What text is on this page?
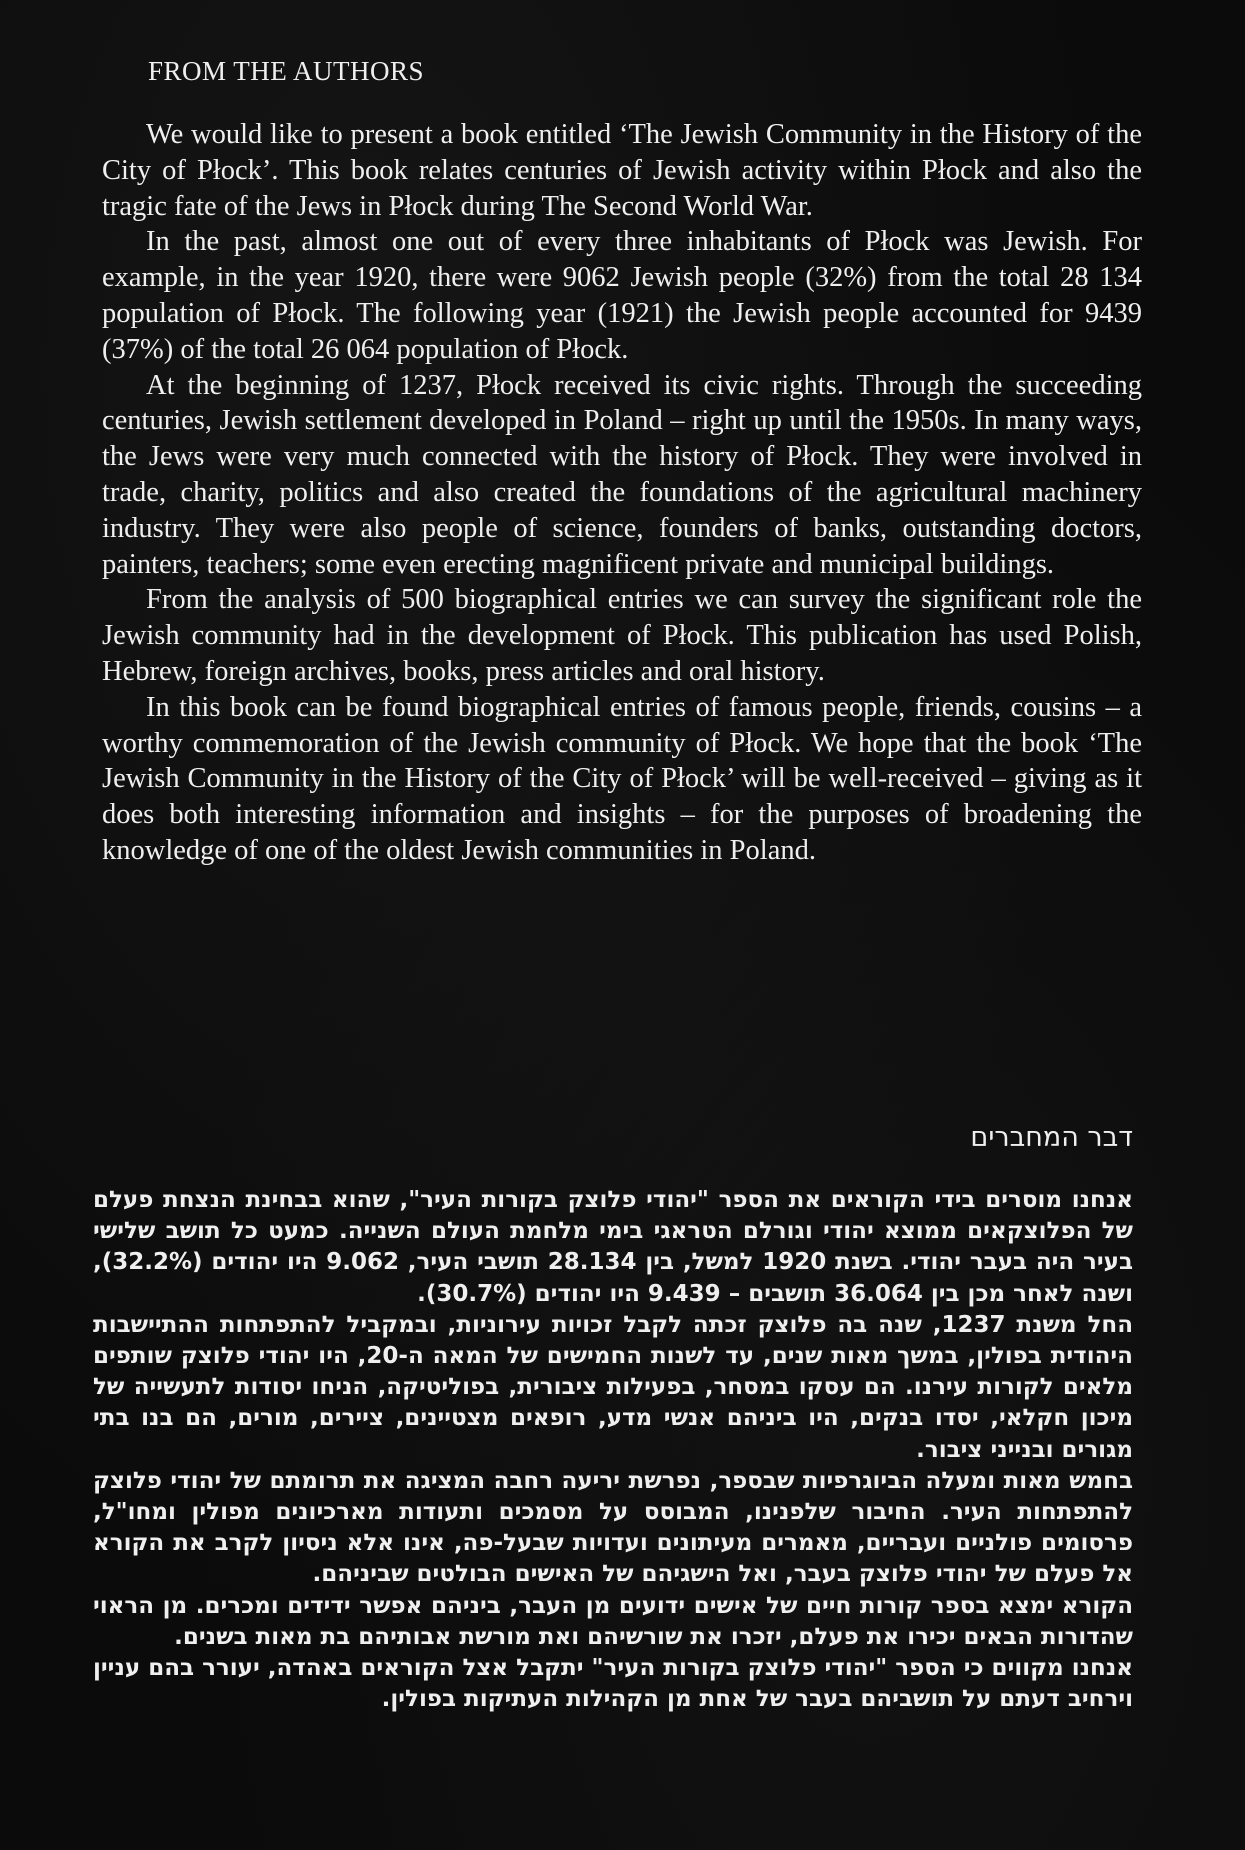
FROM THE AUTHORS

We would like to present a book entitled ‘The Jewish Community in the History of the City of Płock’. This book relates centuries of Jewish activity within Płock and also the tragic fate of the Jews in Płock during The Second World War.

In the past, almost one out of every three inhabitants of Płock was Jewish. For example, in the year 1920, there were 9062 Jewish people (32%) from the total 28 134 population of Płock. The following year (1921) the Jewish people accounted for 9439 (37%) of the total 26 064 population of Płock.

At the beginning of 1237, Płock received its civic rights. Through the succeeding centuries, Jewish settlement developed in Poland – right up until the 1950s. In many ways, the Jews were very much connected with the history of Płock. They were involved in trade, charity, politics and also created the foundations of the agricultural machinery industry. They were also people of science, founders of banks, outstanding doctors, painters, teachers; some even erecting magnificent private and municipal buildings.

From the analysis of 500 biographical entries we can survey the significant role the Jewish community had in the development of Płock. This publication has used Polish, Hebrew, foreign archives, books, press articles and oral history.

In this book can be found biographical entries of famous people, friends, cousins – a worthy commemoration of the Jewish community of Płock. We hope that the book ‘The Jewish Community in the History of the City of Płock’ will be well-received – giving as it does both interesting information and insights – for the purposes of broadening the knowledge of one of the oldest Jewish communities in Poland.

דבר המחברים

אנחנו מוסרים בידי הקוראים את הספר "יהודי פלוצק בקורות העיר", שהוא בבחינת הנצחת פעלם של הפלוצקאים ממוצא יהודי וגורלם הטראגי בימי מלחמת העולם השנייה. כמעט כל תושב שלישי בעיר היה בעבר יהודי. בשנת 1920 למשל, בין 28.134 תושבי העיר, 9.062 היו יהודים (32.2%), ושנה לאחר מכן בין 36.064 תושבים – 9.439 היו יהודים (30.7%).

החל משנת 1237, שנה בה פלוצק זכתה לקבל זכויות עירוניות, ובמקביל להתפתחות ההתיישבות היהודית בפולין, במשך מאות שנים, עד לשנות החמישים של המאה ה-20, היו יהודי פלוצק שותפים מלאים לקורות עירנו. הם עסקו במסחר, בפעילות ציבורית, בפוליטיקה, הניחו יסודות לתעשייה של מיכון חקלאי, יסדו בנקים, היו ביניהם אנשי מדע, רופאים מצטיינים, ציירים, מורים, הם בנו בתי מגורים ובנייני ציבור.

בחמש מאות ומעלה הביוגרפיות שבספר, נפרשת יריעה רחבה המציגה את תרומתם של יהודי פלוצק להתפתחות העיר. החיבור שלפנינו, המבוסס על מסמכים ותעודות מארכיונים מפולין ומחו"ל, פרסומים פולניים ועבריים, מאמרים מעיתונים ועדויות שבעל-פה, אינו אלא ניסיון לקרב את הקורא אל פעלם של יהודי פלוצק בעבר, ואל הישגיהם של האישים הבולטים שביניהם.

הקורא ימצא בספר קורות חיים של אישים ידועים מן העבר, ביניהם אפשר ידידים ומכרים. מן הראוי שהדורות הבאים יכירו את פעלם, יזכרו את שורשיהם ואת מורשת אבותיהם בת מאות בשנים.

אנחנו מקווים כי הספר "יהודי פלוצק בקורות העיר" יתקבל אצל הקוראים באהדה, יעורר בהם עניין וירחיב דעתם על תושביהם בעבר של אחת מן הקהילות העתיקות בפולין.
